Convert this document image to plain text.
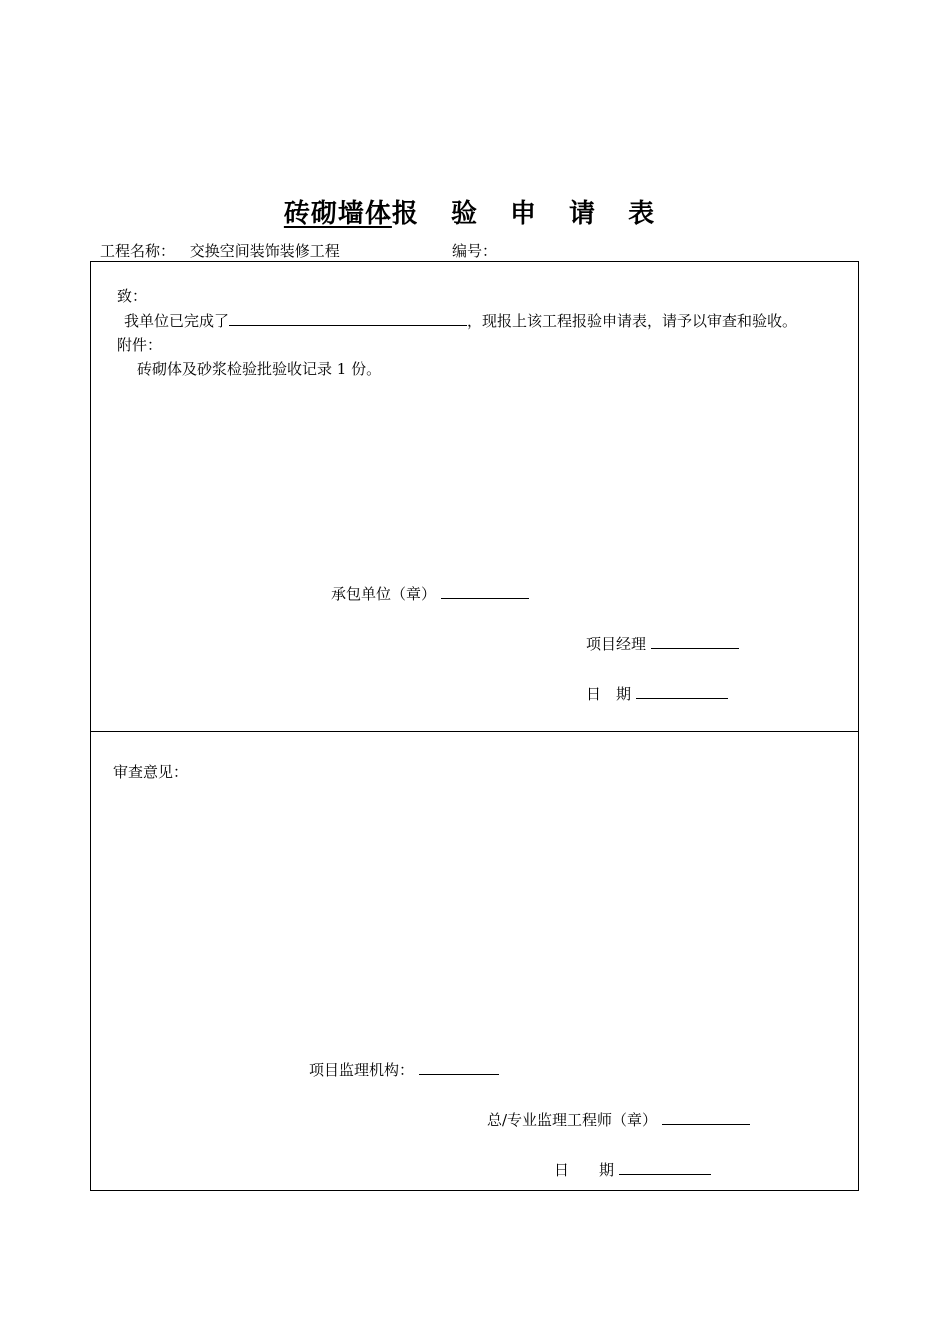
砖砌墙体报 验 申 请 表
工程名称： 交换空间装饰装修工程	编号：
致：
我单位已完成了	，现报上该工程报验申请表，请予以审查和验收。
附件：
砖砌体及砂浆检验批验收记录 1 份。
承包单位（章）
项目经理
日　期
审查意见：
项目监理机构：
总/专业监理工程师（章）
日　　期
